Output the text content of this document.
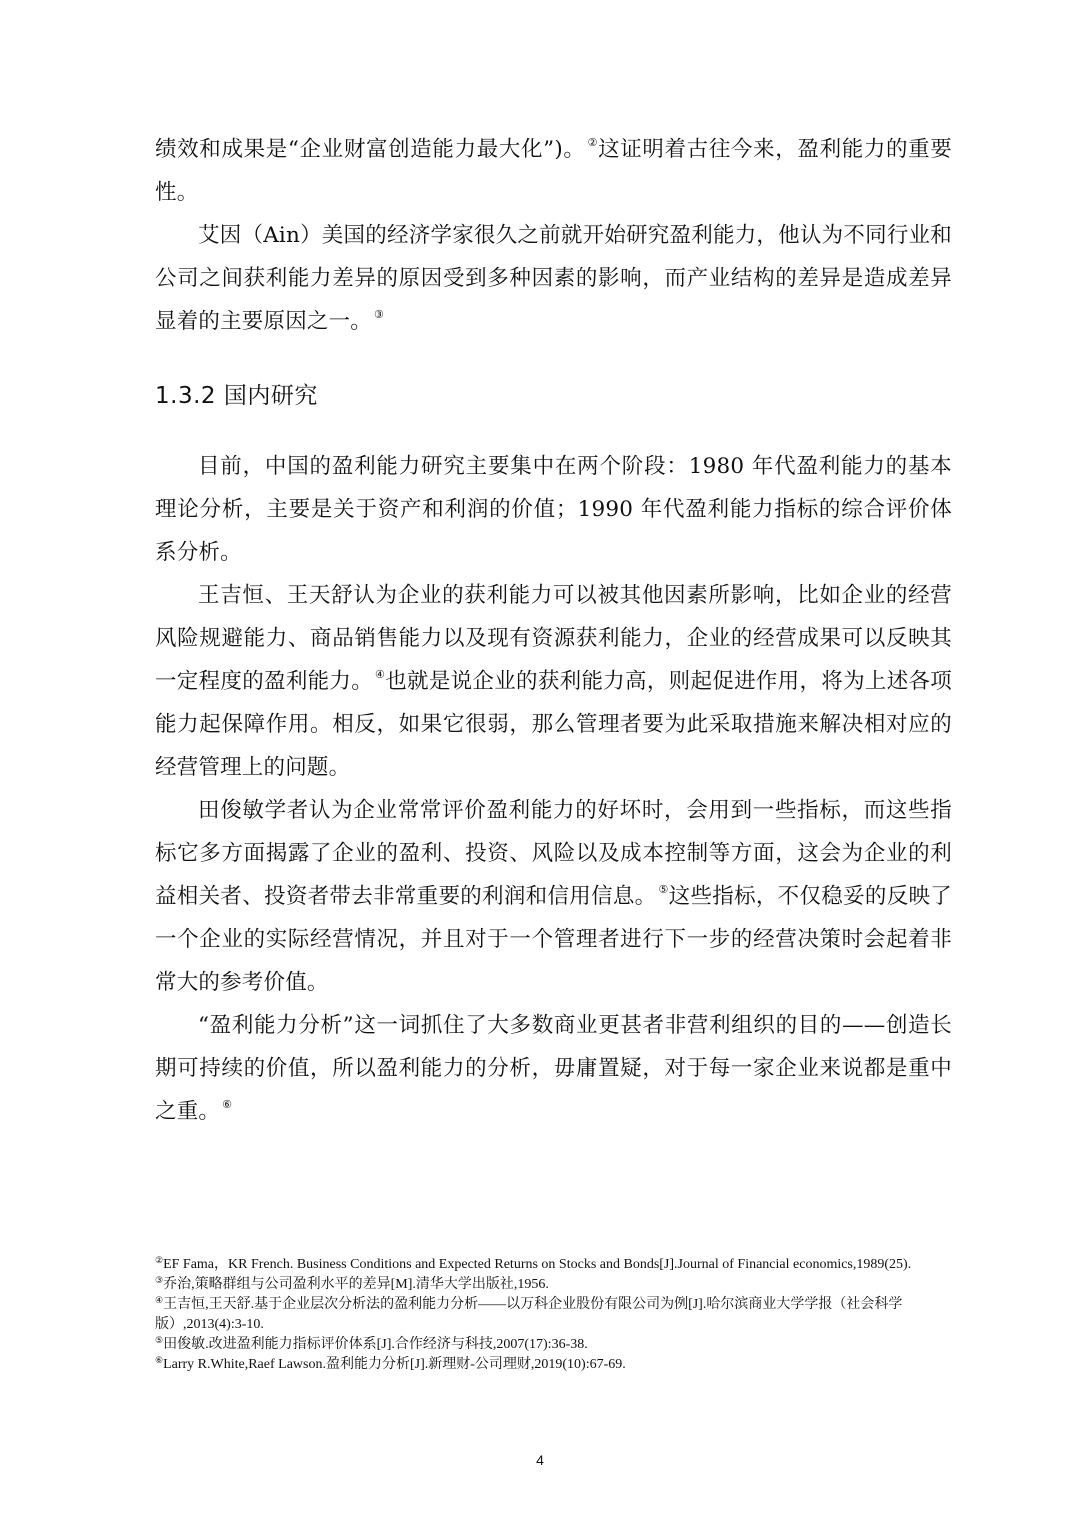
绩效和成果是“企业财富创造能力最大化”)。 ②这证明着古往今来，盈利能力的重要性。

艾因（Ain）美国的经济学家很久之前就开始研究盈利能力，他认为不同行业和公司之间获利能力差异的原因受到多种因素的影响，而产业结构的差异是造成差异显着的主要原因之一。 ③

1.3.2 国内研究

目前，中国的盈利能力研究主要集中在两个阶段：1980 年代盈利能力的基本理论分析，主要是关于资产和利润的价值；1990 年代盈利能力指标的综合评价体系分析。

王吉恒、王天舒认为企业的获利能力可以被其他因素所影响，比如企业的经营风险规避能力、商品销售能力以及现有资源获利能力，企业的经营成果可以反映其一定程度的盈利能力。 ④也就是说企业的获利能力高，则起促进作用，将为上述各项能力起保障作用。相反，如果它很弱，那么管理者要为此采取措施来解决相对应的经营管理上的问题。

田俊敏学者认为企业常常评价盈利能力的好坏时，会用到一些指标，而这些指标它多方面揭露了企业的盈利、投资、风险以及成本控制等方面，这会为企业的利益相关者、投资者带去非常重要的利润和信用信息。 ⑤这些指标，不仅稳妥的反映了一个企业的实际经营情况，并且对于一个管理者进行下一步的经营决策时会起着非常大的参考价值。

“盈利能力分析”这一词抓住了大多数商业更甚者非营利组织的目的——创造长期可持续的价值，所以盈利能力的分析，毋庸置疑，对于每一家企业来说都是重中之重。 ⑥

②EF Fama，KR French. Business Conditions and Expected Returns on Stocks and Bonds[J].Journal of Financial economics,1989(25).

③乔治,策略群组与公司盈利水平的差异[M].清华大学出版社,1956.

④王吉恒,王天舒.基于企业层次分析法的盈利能力分析——以万科企业股份有限公司为例[J].哈尔滨商业大学学报（社会科学版）,2013(4):3-10.

⑤田俊敏.改进盈利能力指标评价体系[J].合作经济与科技,2007(17):36-38.

⑥Larry R.White,Raef Lawson.盈利能力分析[J].新理财-公司理财,2019(10):67-69.

4
